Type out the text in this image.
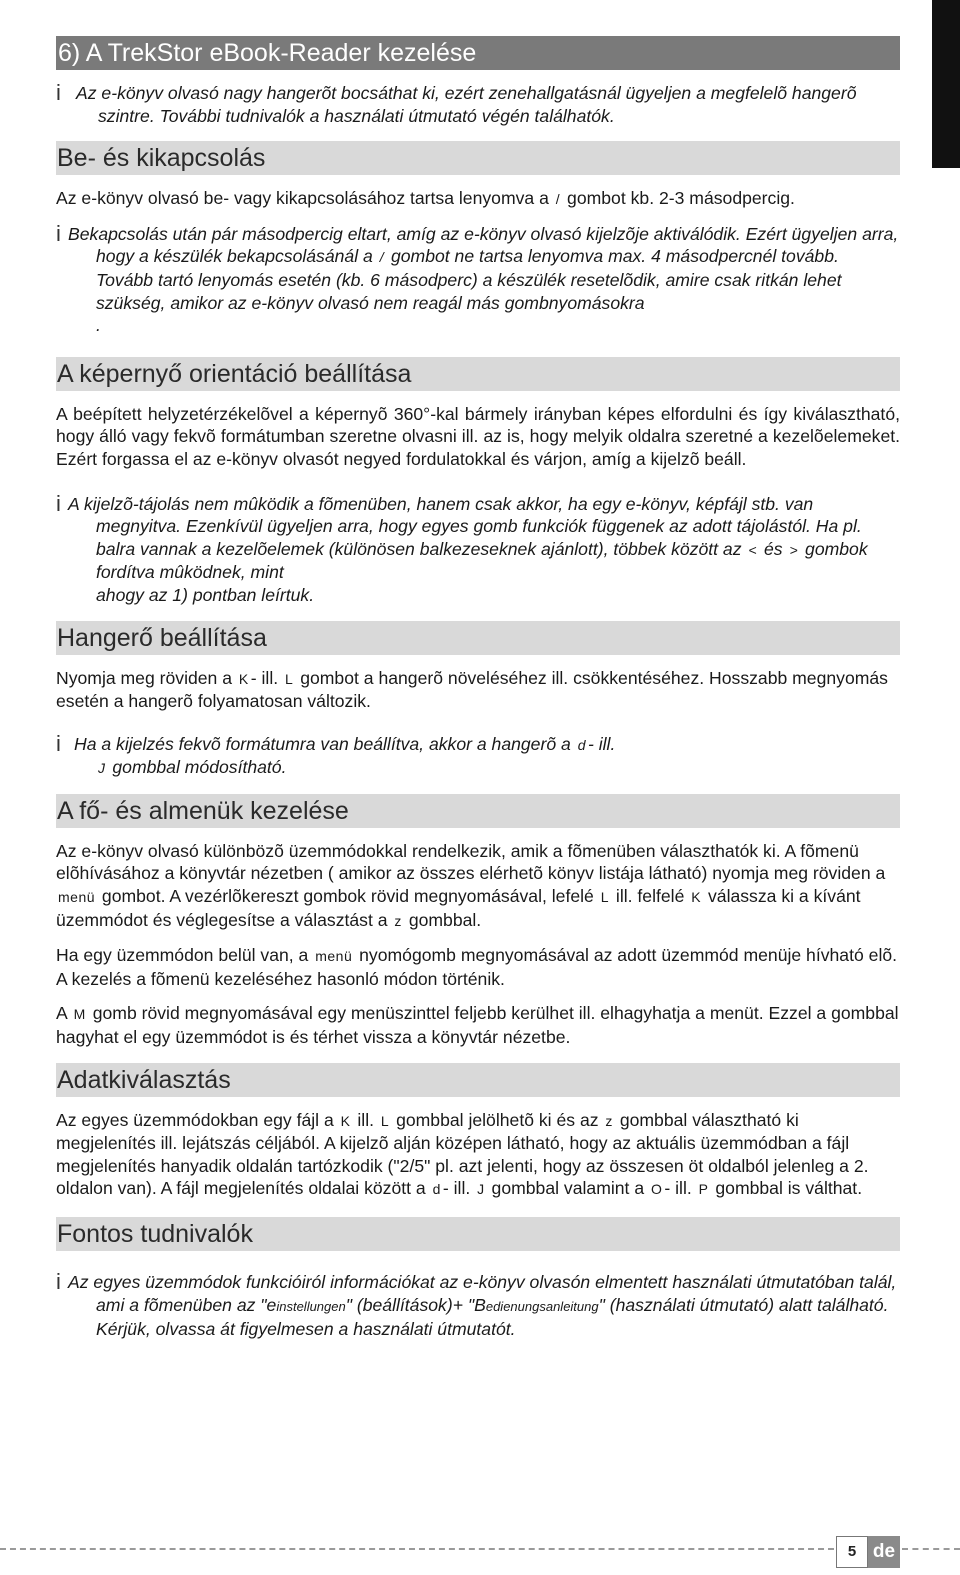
6) A TrekStor eBook-Reader kezelése
i Az e-könyv olvasó nagy hangerõt bocsáthat ki, ezért zenehallgatásnál ügyeljen a megfelelõ hangerõ
szintre. További tudnivalók a használati útmutató végén találhatók.
Be- és kikapcsolás

Az e-könyv olvasó be- vagy kikapcsolásához tartsa lenyomva a / gombot kb. 2-3 másodpercig.

i Bekapcsolás után pár másodpercig eltart, amíg az e-könyv olvasó kijelzõje aktiválódik. Ezért ügyeljen arra, hogy a készülék bekapcsolásánál a / gombot ne tartsa lenyomva max. 4 másodpercnél tovább. Tovább tartó lenyomás esetén (kb. 6 másodperc) a készülék resetelõdik, amire csak ritkán lehet szükség, amikor az e-könyv olvasó nem reagál más gombnyomásokra
.
A képernyő orientáció beállítása

A beépített helyzetérzékelõvel a képernyõ 360°-kal bármely irányban képes elfordulni és így kiválasztható, hogy álló vagy fekvõ formátumban szeretne olvasni ill. az is, hogy melyik oldalra szeretné a kezelõelemeket. Ezért forgassa el az e-könyv olvasót negyed fordulatokkal és várjon, amíg a kijelzõ beáll.

i A kijelzõ-tájolás nem mûködik a fõmenüben, hanem csak akkor, ha egy e-könyv, képfájl stb. van megnyitva. Ezenkívül ügyeljen arra, hogy egyes gomb funkciók függenek az adott tájolástól. Ha pl. balra vannak a kezelõelemek (különösen balkezeseknek ajánlott), többek között az < és > gombok fordítva mûködnek, mint
ahogy az 1) pontban leírtuk.
Hangerő beállítása

Nyomja meg röviden a K - ill. L gombot a hangerõ növeléséhez ill. csökkentéséhez. Hosszabb megnyomás esetén a hangerõ folyamatosan változik.

i Ha a kijelzés fekvõ formátumra van beállítva, akkor a hangerõ a d - ill.
J gombbal módosítható.
A fő- és almenük kezelése

Az e-könyv olvasó különbözõ üzemmódokkal rendelkezik, amik a fõmenüben választhatók ki. A fõmenü elõhívásához a könyvtár nézetben ( amikor az összes elérhetõ könyv listája látható) nyomja meg röviden a menü gombot. A vezérlõkereszt gombok rövid megnyomásával, lefelé L ill. felfelé K válassza ki a kívánt üzemmódot és véglegesítse a választást a z gombbal.

Ha egy üzemmódon belül van, a menü nyomógomb megnyomásával az adott üzemmód menüje hívható elõ. A kezelés a fõmenü kezeléséhez hasonló módon történik.

A M gomb rövid megnyomásával egy menüszinttel feljebb kerülhet ill. elhagyhatja a menüt. Ezzel a gombbal hagyhat el egy üzemmódot is és térhet vissza a könyvtár nézetbe.

Adatkiválasztás

Az egyes üzemmódokban egy fájl a K ill. L gombbal jelölhetõ ki és az z gombbal választható ki megjelenítés ill. lejátszás céljából. A kijelzõ alján középen látható, hogy az aktuális üzemmódban a fájl megjelenítés hanyadik oldalán tartózkodik ("2/5" pl. azt jelenti, hogy az összesen öt oldalból jelenleg a 2. oldalon van). A fájl megjelenítés oldalai között a d - ill. J gombbal valamint a O - ill. P gombbal is válthat.

Fontos tudnivalók
i Az egyes üzemmódok funkcióiról információkat az e-könyv olvasón elmentett használati útmutatóban talál, ami a fõmenüben az "einstellungen" (beállítások)+ "Bedienungsanleitung" (használati útmutató) alatt található. Kérjük, olvassa át figyelmesen a használati útmutatót.
5 de
